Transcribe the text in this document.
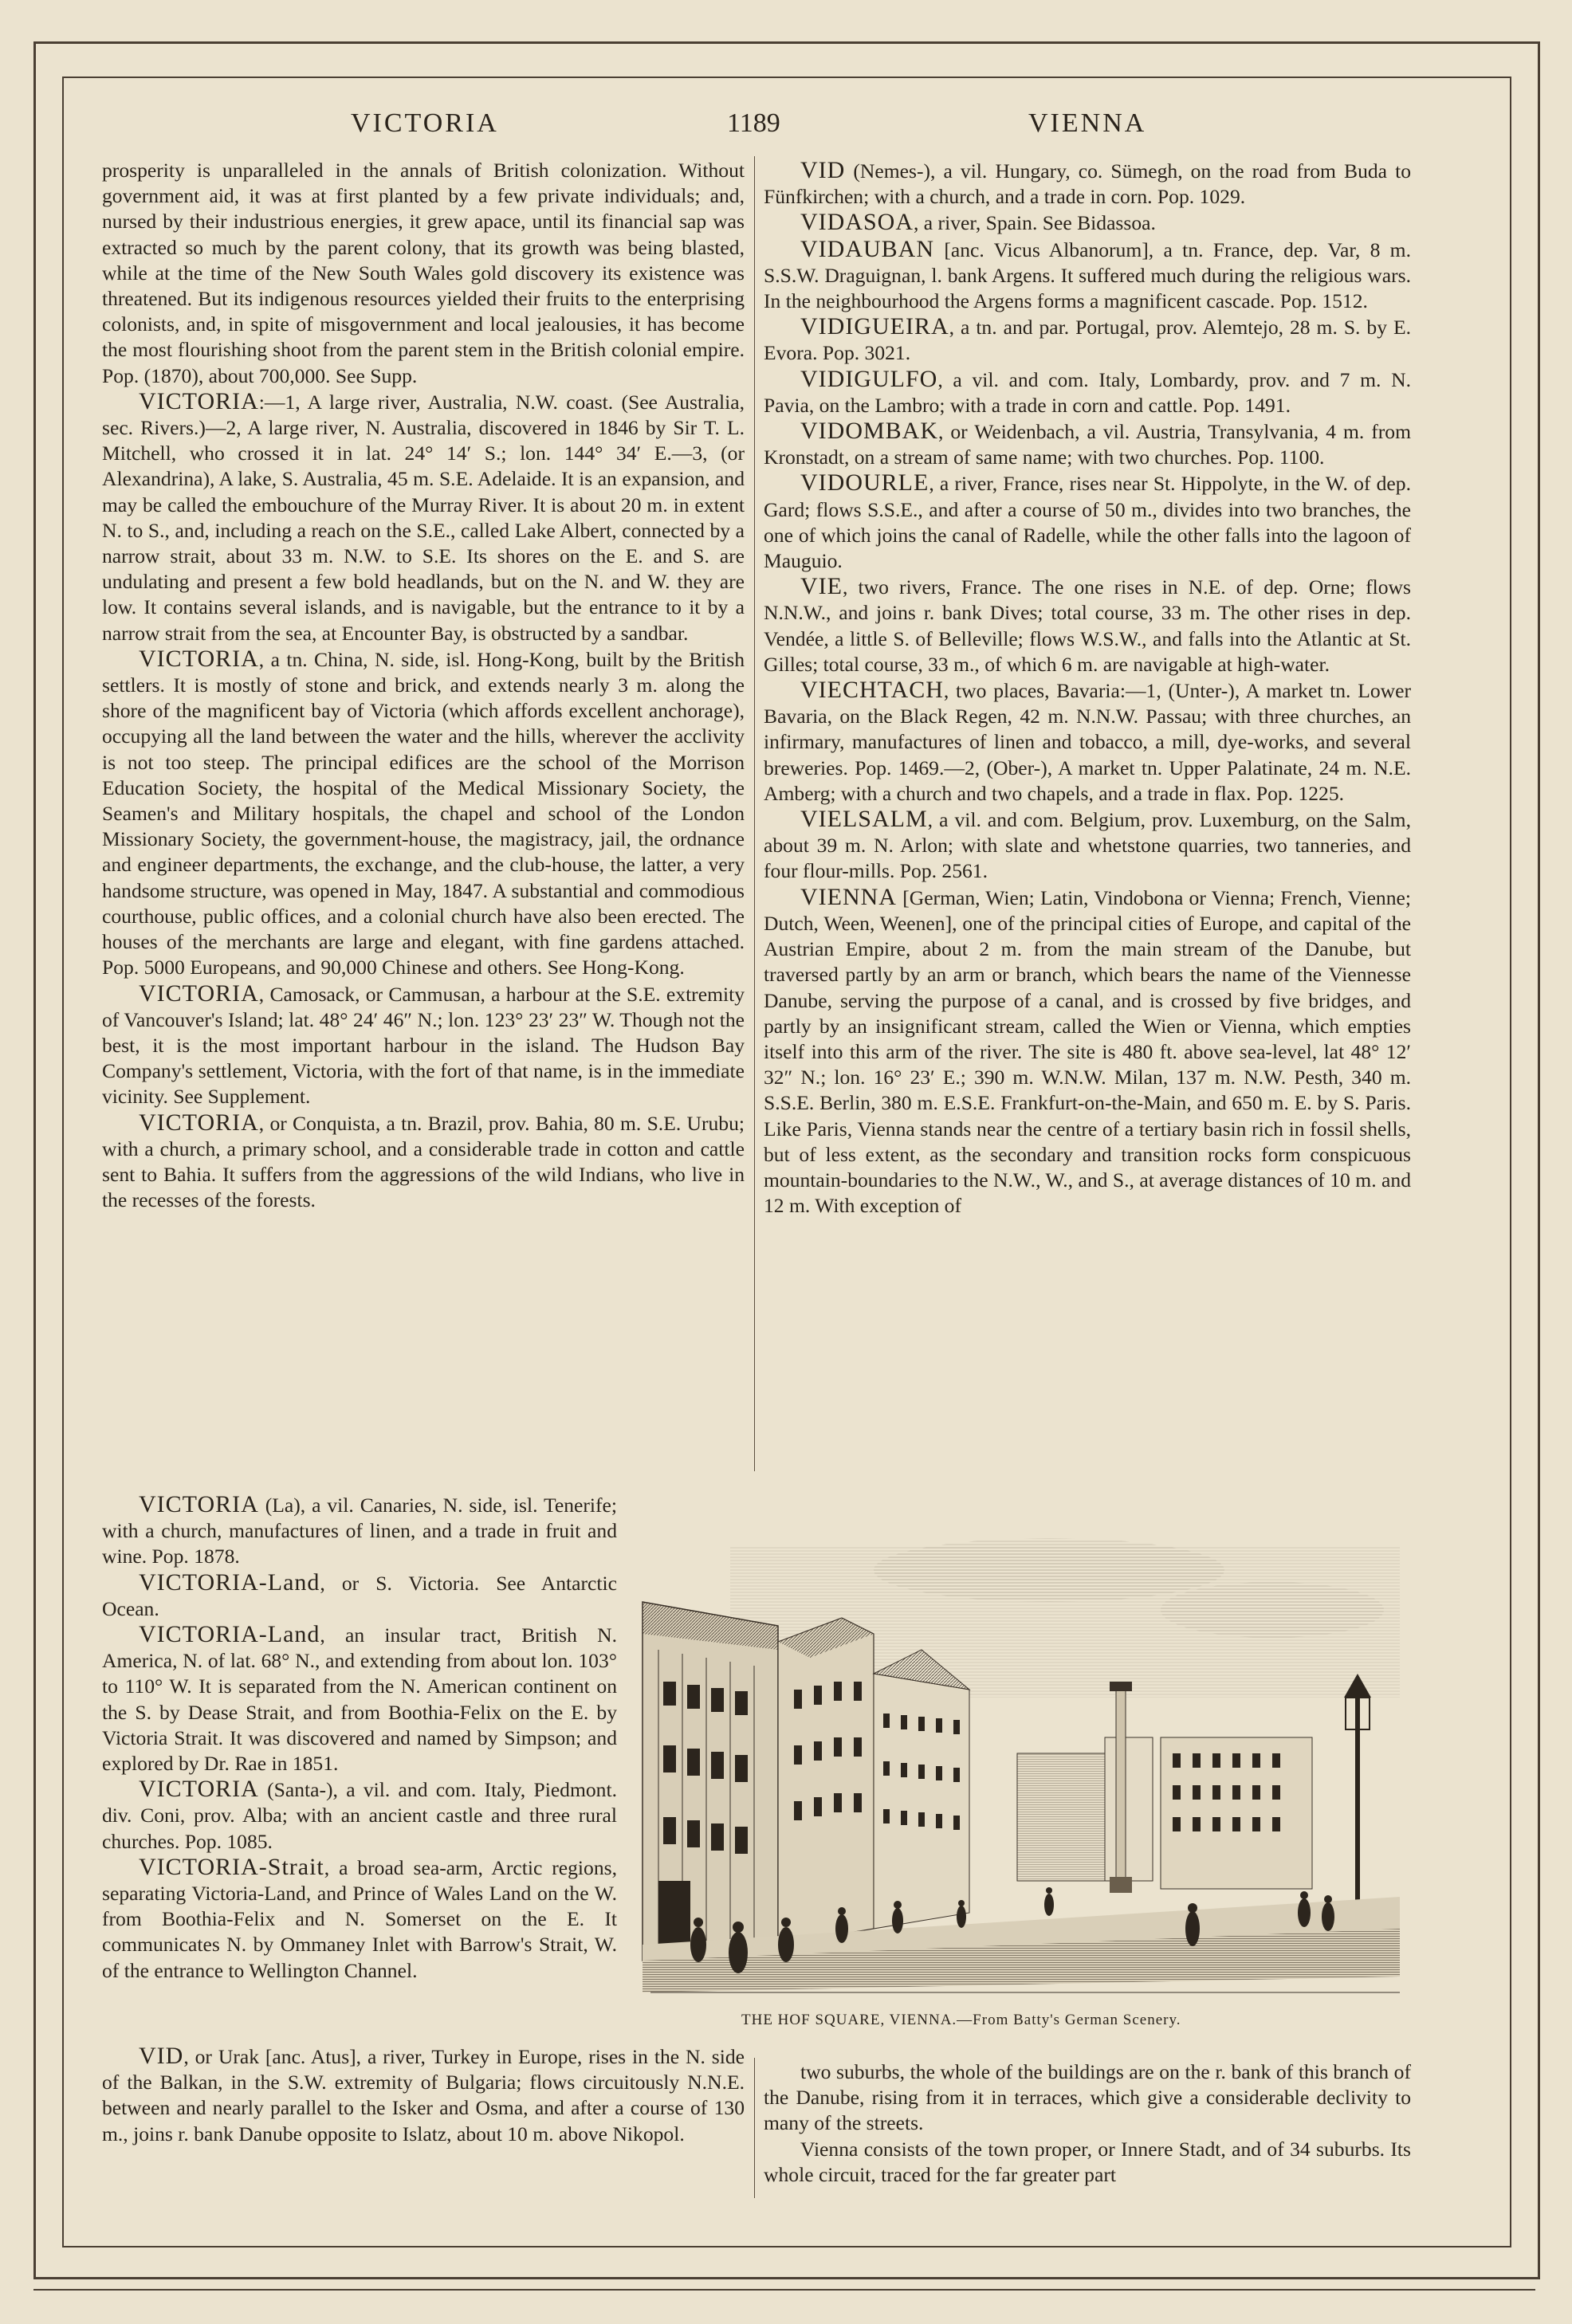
VICTORIA	1189	VIENNA

prosperity is unparalleled in the annals of British colonization. Without government aid, it was at first planted by a few private individuals; and, nursed by their industrious energies, it grew apace, until its financial sap was extracted so much by the parent colony, that its growth was being blasted, while at the time of the New South Wales gold discovery its existence was threatened. But its indigenous resources yielded their fruits to the enterprising colonists, and, in spite of misgovernment and local jealousies, it has become the most flourishing shoot from the parent stem in the British colonial empire. Pop. (1870), about 700,000. See Supp.

VICTORIA:—1, A large river, Australia, N.W. coast. (See Australia, sec. Rivers.)—2, A large river, N. Australia, discovered in 1846 by Sir T. L. Mitchell, who crossed it in lat. 24° 14′ S.; lon. 144° 34′ E.—3, (or Alexandrina), A lake, S. Australia, 45 m. S.E. Adelaide. It is an expansion, and may be called the embouchure of the Murray River. It is about 20 m. in extent N. to S., and, including a reach on the S.E., called Lake Albert, connected by a narrow strait, about 33 m. N.W. to S.E. Its shores on the E. and S. are undulating and present a few bold headlands, but on the N. and W. they are low. It contains several islands, and is navigable, but the entrance to it by a narrow strait from the sea, at Encounter Bay, is obstructed by a sandbar.

VICTORIA, a tn. China, N. side, isl. Hong-Kong, built by the British settlers. It is mostly of stone and brick, and extends nearly 3 m. along the shore of the magnificent bay of Victoria (which affords excellent anchorage), occupying all the land between the water and the hills, wherever the acclivity is not too steep. The principal edifices are the school of the Morrison Education Society, the hospital of the Medical Missionary Society, the Seamen's and Military hospitals, the chapel and school of the London Missionary Society, the government-house, the magistracy, jail, the ordnance and engineer departments, the exchange, and the club-house, the latter, a very handsome structure, was opened in May, 1847. A substantial and commodious courthouse, public offices, and a colonial church have also been erected. The houses of the merchants are large and elegant, with fine gardens attached. Pop. 5000 Europeans, and 90,000 Chinese and others. See Hong-Kong.

VICTORIA, Camosack, or Cammusan, a harbour at the S.E. extremity of Vancouver's Island; lat. 48° 24′ 46″ N.; lon. 123° 23′ 23″ W. Though not the best, it is the most important harbour in the island. The Hudson Bay Company's settlement, Victoria, with the fort of that name, is in the immediate vicinity. See Supplement.

VICTORIA, or Conquista, a tn. Brazil, prov. Bahia, 80 m. S.E. Urubu; with a church, a primary school, and a considerable trade in cotton and cattle sent to Bahia. It suffers from the aggressions of the wild Indians, who live in the recesses of the forests.

VID (Nemes-), a vil. Hungary, co. Sümegh, on the road from Buda to Fünfkirchen; with a church, and a trade in corn. Pop. 1029.

VIDASOA, a river, Spain. See Bidassoa.

VIDAUBAN [anc. Vicus Albanorum], a tn. France, dep. Var, 8 m. S.S.W. Draguignan, l. bank Argens. It suffered much during the religious wars. In the neighbourhood the Argens forms a magnificent cascade. Pop. 1512.

VIDIGUEIRA, a tn. and par. Portugal, prov. Alemtejo, 28 m. S. by E. Evora. Pop. 3021.

VIDIGULFO, a vil. and com. Italy, Lombardy, prov. and 7 m. N. Pavia, on the Lambro; with a trade in corn and cattle. Pop. 1491.

VIDOMBAK, or Weidenbach, a vil. Austria, Transylvania, 4 m. from Kronstadt, on a stream of same name; with two churches. Pop. 1100.

VIDOURLE, a river, France, rises near St. Hippolyte, in the W. of dep. Gard; flows S.S.E., and after a course of 50 m., divides into two branches, the one of which joins the canal of Radelle, while the other falls into the lagoon of Mauguio.

VIE, two rivers, France. The one rises in N.E. of dep. Orne; flows N.N.W., and joins r. bank Dives; total course, 33 m. The other rises in dep. Vendée, a little S. of Belleville; flows W.S.W., and falls into the Atlantic at St. Gilles; total course, 33 m., of which 6 m. are navigable at high-water.

VIECHTACH, two places, Bavaria:—1, (Unter-), A market tn. Lower Bavaria, on the Black Regen, 42 m. N.N.W. Passau; with three churches, an infirmary, manufactures of linen and tobacco, a mill, dye-works, and several breweries. Pop. 1469.—2, (Ober-), A market tn. Upper Palatinate, 24 m. N.E. Amberg; with a church and two chapels, and a trade in flax. Pop. 1225.

VIELSALM, a vil. and com. Belgium, prov. Luxemburg, on the Salm, about 39 m. N. Arlon; with slate and whetstone quarries, two tanneries, and four flour-mills. Pop. 2561.

VIENNA [German, Wien; Latin, Vindobona or Vienna; French, Vienne; Dutch, Ween, Weenen], one of the principal cities of Europe, and capital of the Austrian Empire, about 2 m. from the main stream of the Danube, but traversed partly by an arm or branch, which bears the name of the Viennesse Danube, serving the purpose of a canal, and is crossed by five bridges, and partly by an insignificant stream, called the Wien or Vienna, which empties itself into this arm of the river. The site is 480 ft. above sea-level, lat 48° 12′ 32″ N.; lon. 16° 23′ E.; 390 m. W.N.W. Milan, 137 m. N.W. Pesth, 340 m. S.S.E. Berlin, 380 m. E.S.E. Frankfurt-on-the-Main, and 650 m. E. by S. Paris. Like Paris, Vienna stands near the centre of a tertiary basin rich in fossil shells, but of less extent, as the secondary and transition rocks form conspicuous mountain-boundaries to the N.W., W., and S., at average distances of 10 m. and 12 m. With exception of

VICTORIA (La), a vil. Canaries, N. side, isl. Tenerife; with a church, manufactures of linen, and a trade in fruit and wine. Pop. 1878.

VICTORIA-Land, or S. Victoria. See Antarctic Ocean.

VICTORIA-Land, an insular tract, British N. America, N. of lat. 68° N., and extending from about lon. 103° to 110° W. It is separated from the N. American continent on the S. by Dease Strait, and from Boothia-Felix on the E. by Victoria Strait. It was discovered and named by Simpson; and explored by Dr. Rae in 1851.

VICTORIA (Santa-), a vil. and com. Italy, Piedmont. div. Coni, prov. Alba; with an ancient castle and three rural churches. Pop. 1085.

VICTORIA-Strait, a broad sea-arm, Arctic regions, separating Victoria-Land, and Prince of Wales Land on the W. from Boothia-Felix and N. Somerset on the E. It communicates N. by Ommaney Inlet with Barrow's Strait, W. of the entrance to Wellington Channel.

VID, or Urak [anc. Atus], a river, Turkey in Europe, rises in the N. side of the Balkan, in the S.W. extremity of Bulgaria; flows circuitously N.N.E. between and nearly parallel to the Isker and Osma, and after a course of 130 m., joins r. bank Danube opposite to Islatz, about 10 m. above Nikopol.

two suburbs, the whole of the buildings are on the r. bank of this branch of the Danube, rising from it in terraces, which give a considerable declivity to many of the streets.

Vienna consists of the town proper, or Innere Stadt, and of 34 suburbs. Its whole circuit, traced for the far greater part

THE HOF SQUARE, VIENNA.—From Batty's German Scenery.
